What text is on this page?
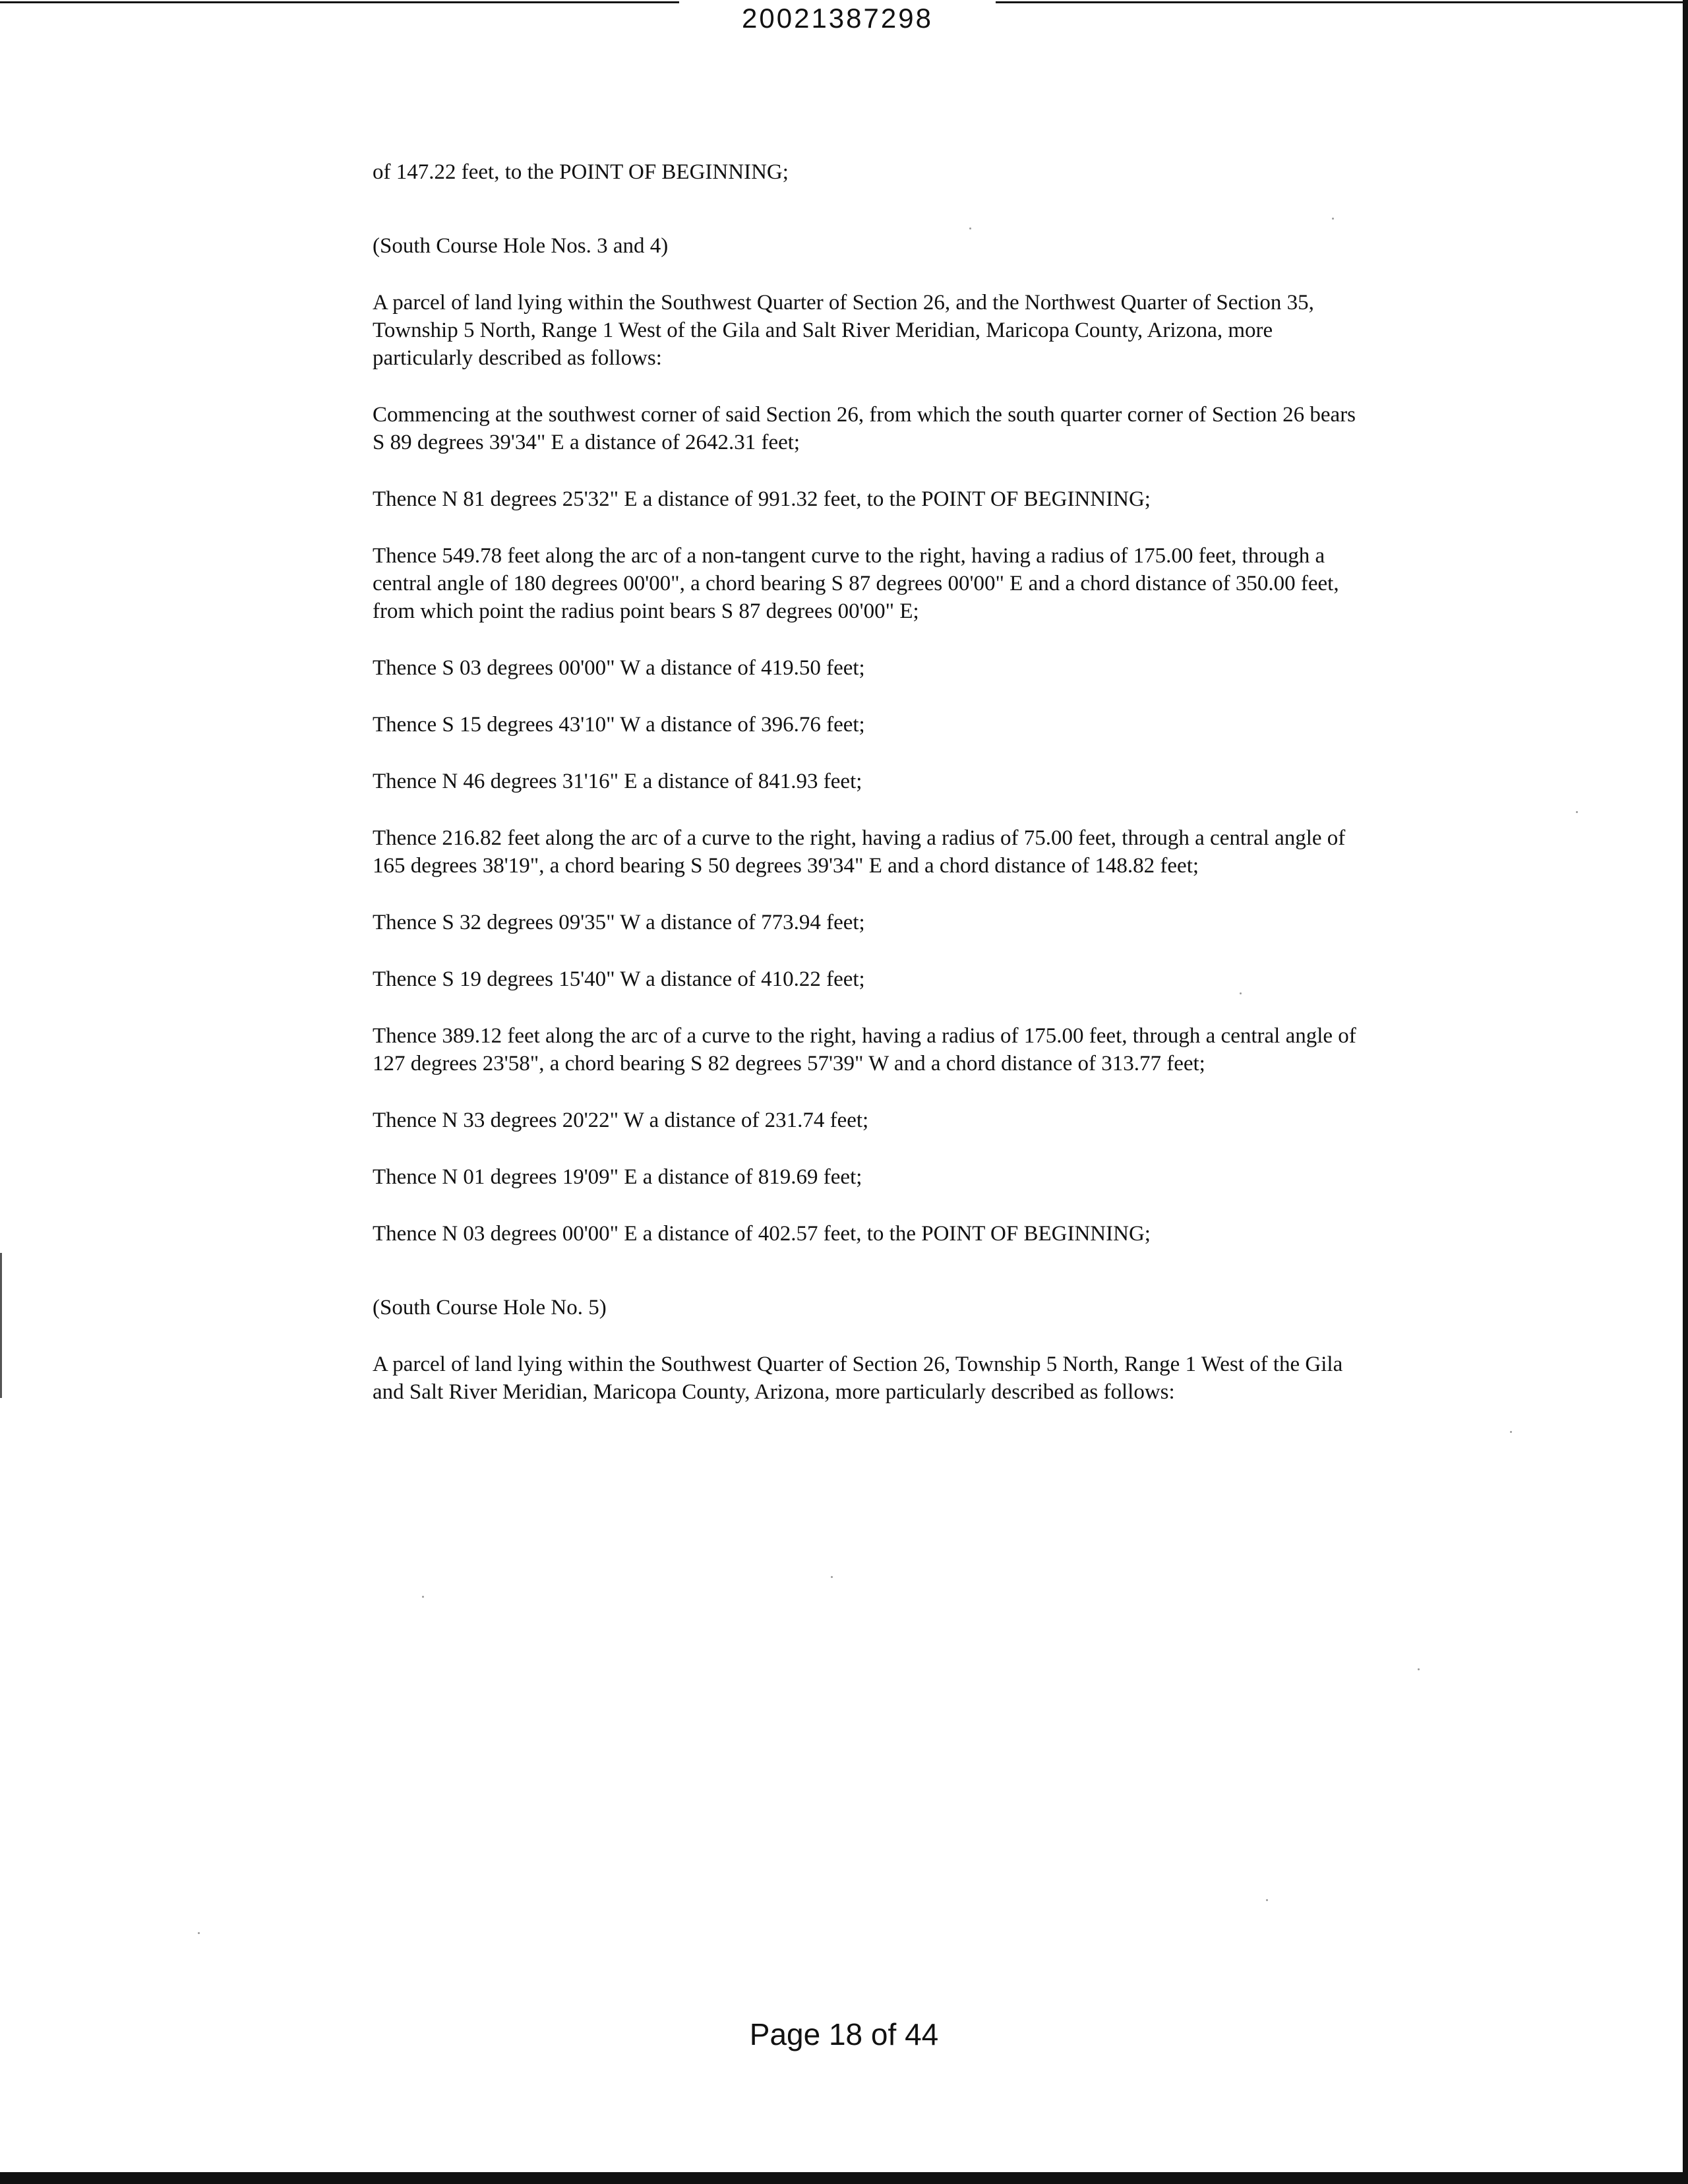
20021387298

of 147.22 feet, to the POINT OF BEGINNING;

(South Course Hole Nos. 3 and 4)

A parcel of land lying within the Southwest Quarter of Section 26, and the Northwest Quarter of Section 35, Township 5 North, Range 1 West of the Gila and Salt River Meridian, Maricopa County, Arizona, more particularly described as follows:

Commencing at the southwest corner of said Section 26, from which the south quarter corner of Section 26 bears S 89 degrees 39'34" E a distance of 2642.31 feet;

Thence N 81 degrees 25'32" E a distance of 991.32 feet, to the POINT OF BEGINNING;

Thence 549.78 feet along the arc of a non-tangent curve to the right, having a radius of 175.00 feet, through a central angle of 180 degrees 00'00", a chord bearing S 87 degrees 00'00" E and a chord distance of 350.00 feet, from which point the radius point bears S 87 degrees 00'00" E;

Thence S 03 degrees 00'00" W a distance of 419.50 feet;

Thence S 15 degrees 43'10" W a distance of 396.76 feet;

Thence N 46 degrees 31'16" E a distance of 841.93 feet;

Thence 216.82 feet along the arc of a curve to the right, having a radius of 75.00 feet, through a central angle of 165 degrees 38'19", a chord bearing S 50 degrees 39'34" E and a chord distance of 148.82 feet;

Thence S 32 degrees 09'35" W a distance of 773.94 feet;

Thence S 19 degrees 15'40" W a distance of 410.22 feet;

Thence 389.12 feet along the arc of a curve to the right, having a radius of 175.00 feet, through a central angle of 127 degrees 23'58", a chord bearing S 82 degrees 57'39" W and a chord distance of 313.77 feet;

Thence N 33 degrees 20'22" W a distance of 231.74 feet;

Thence N 01 degrees 19'09" E a distance of 819.69 feet;

Thence N 03 degrees 00'00" E a distance of 402.57 feet, to the POINT OF BEGINNING;

(South Course Hole No. 5)

A parcel of land lying within the Southwest Quarter of Section 26, Township 5 North, Range 1 West of the Gila and Salt River Meridian, Maricopa County, Arizona, more particularly described as follows:

Page 18 of 44
